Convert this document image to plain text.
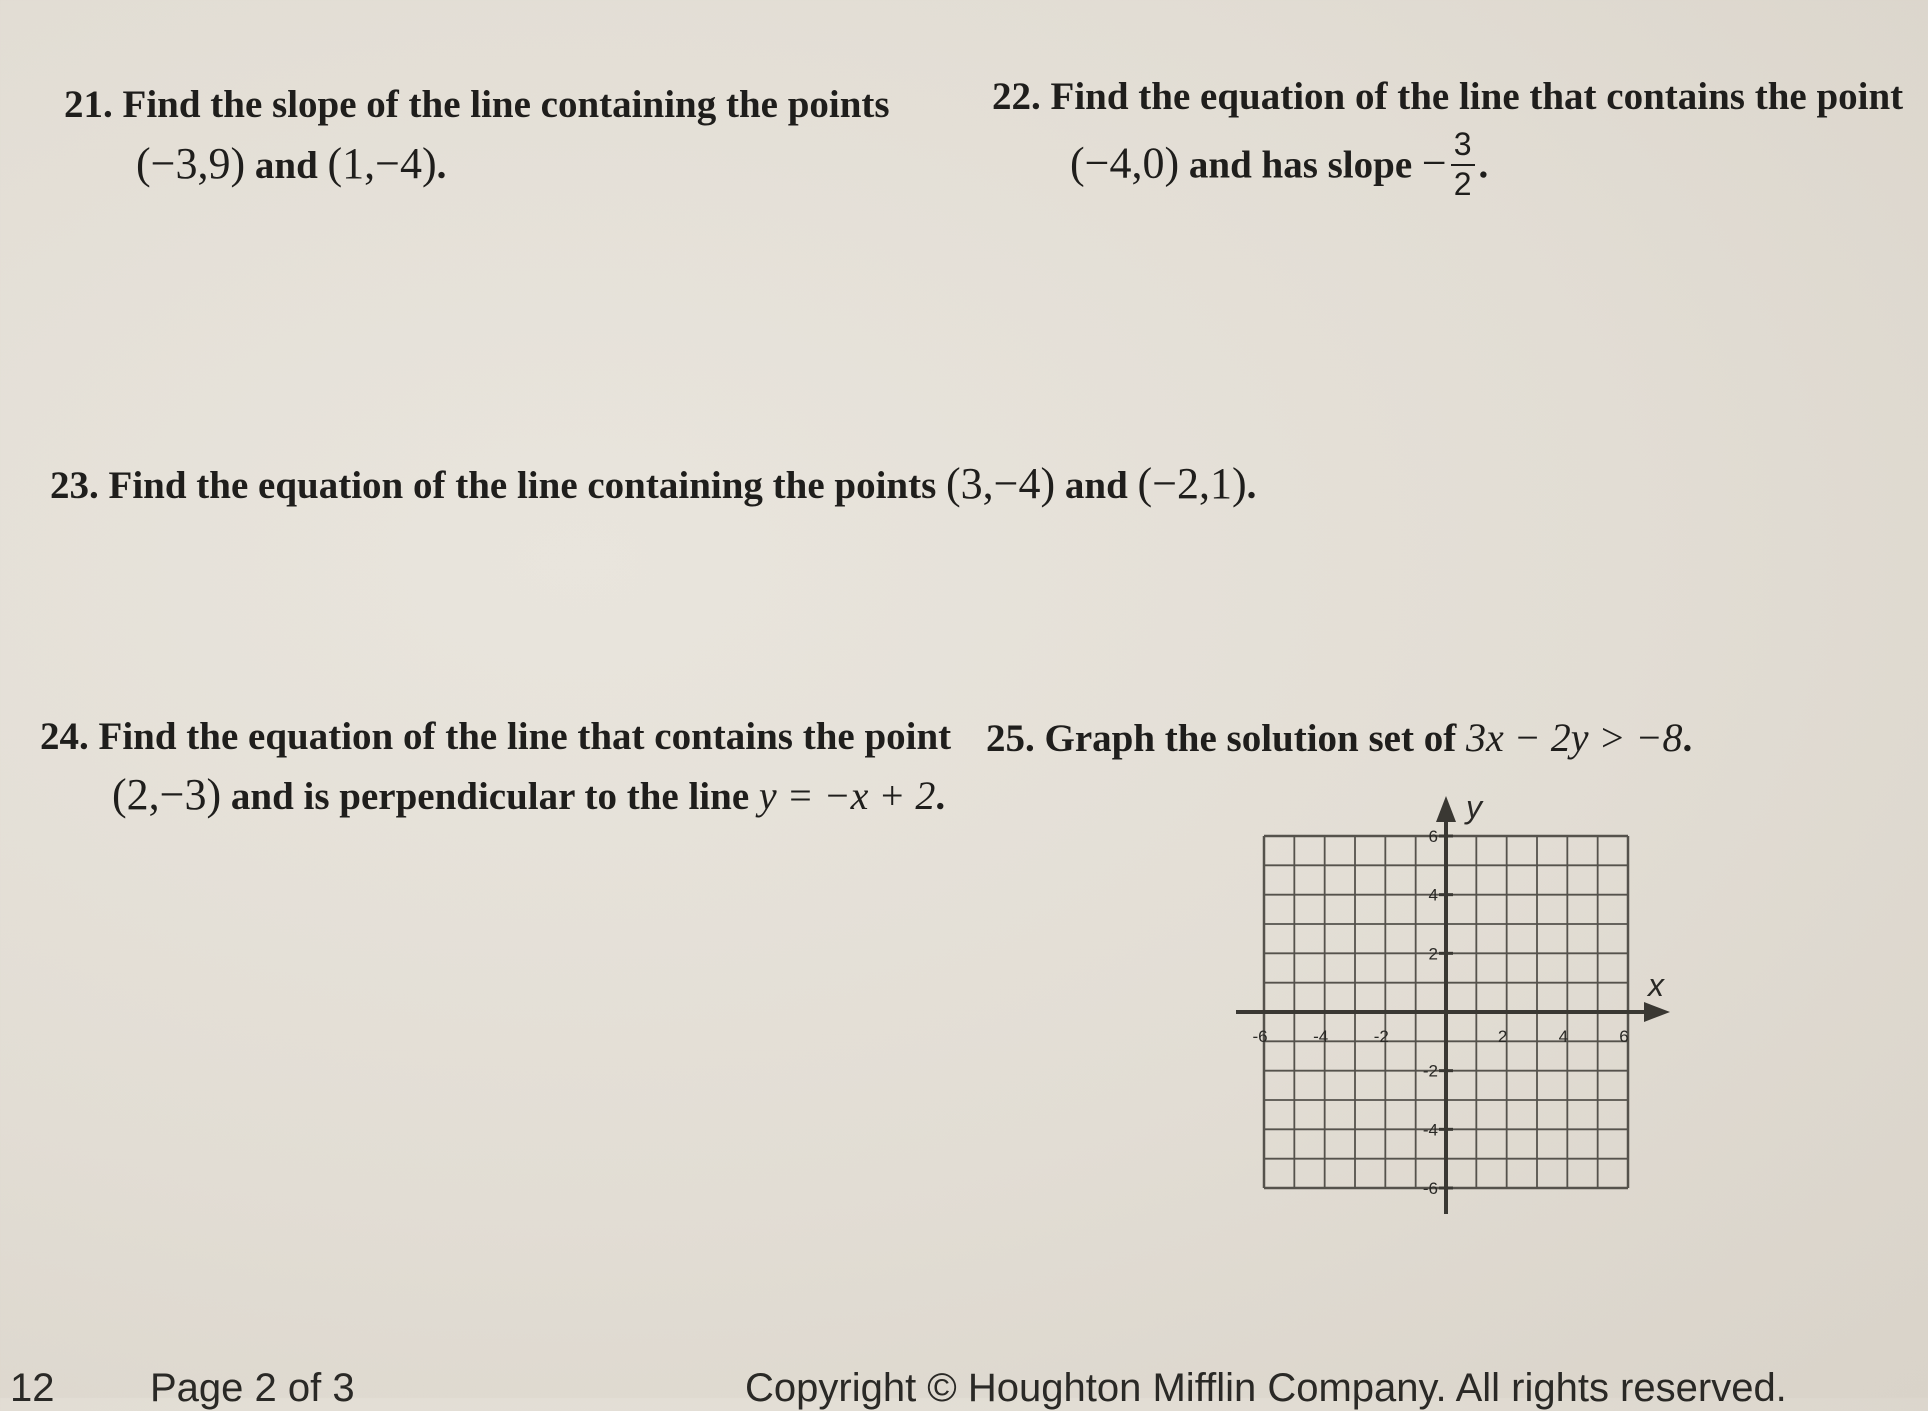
21. Find the slope of the line containing the points
(−3,9) and (1,−4).
22. Find the equation of the line that contains the point
(−4,0) and has slope − $\frac{3}{2}$ .
23. Find the equation of the line containing the points (3,−4) and (−2,1).
24. Find the equation of the line that contains the point
(2,−3) and is perpendicular to the line y = −x + 2.
25. Graph the solution set of 3x − 2y > −8.
x
y
-6	-4	-2	2	4	6
6
4
2
-2
-4
-6
12 Page 2 of 3	Copyright © Houghton Mifflin Company. All rights reserved.
